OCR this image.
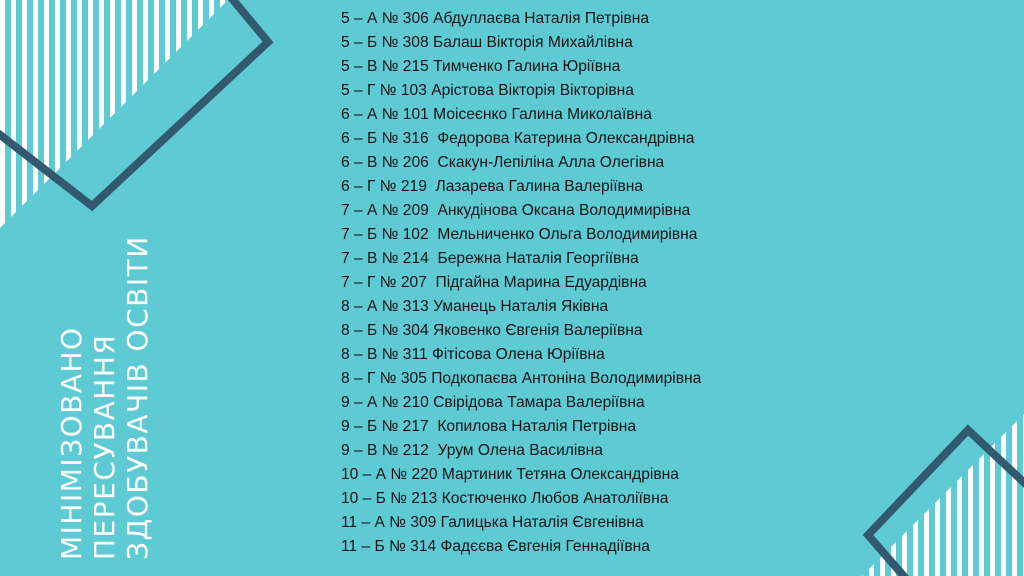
МІНІМІЗОВАНО ПЕРЕСУВАННЯ ЗДОБУВАЧІВ ОСВІТИ
5 – А № 306 Абдуллаєва Наталія Петрівна
5 – Б № 308 Балаш Вікторія Михайлівна
5 – В № 215 Тимченко Галина Юріївна
5 – Г № 103 Арістова Вікторія Вікторівна
6 – А № 101 Моісеєнко Галина Миколаївна
6 – Б № 316  Федорова Катерина Олександрівна
6 – В № 206  Скакун-Лепіліна Алла Олегівна
6 – Г № 219  Лазарева Галина Валеріївна
7 – А № 209  Анкудінова Оксана Володимирівна
7 – Б № 102  Мельниченко Ольга Володимирівна
7 – В № 214  Бережна Наталія Георгіївна
7 – Г № 207  Підгайна Марина Едуардівна
8 – А № 313 Уманець Наталія Яківна
8 – Б № 304 Яковенко Євгенія Валеріївна
8 – В № 311 Фітісова Олена Юріївна
8 – Г № 305 Подкопаєва Антоніна Володимирівна
9 – А № 210 Свірідова Тамара Валеріївна
9 – Б № 217  Копилова Наталія Петрівна
9 – В № 212  Урум Олена Василівна
10 – А № 220 Мартиник Тетяна Олександрівна
10 – Б № 213 Костюченко Любов Анатоліївна
11 – А № 309 Галицька Наталія Євгенівна
11 – Б № 314 Фадєєва Євгенія Геннадіївна
